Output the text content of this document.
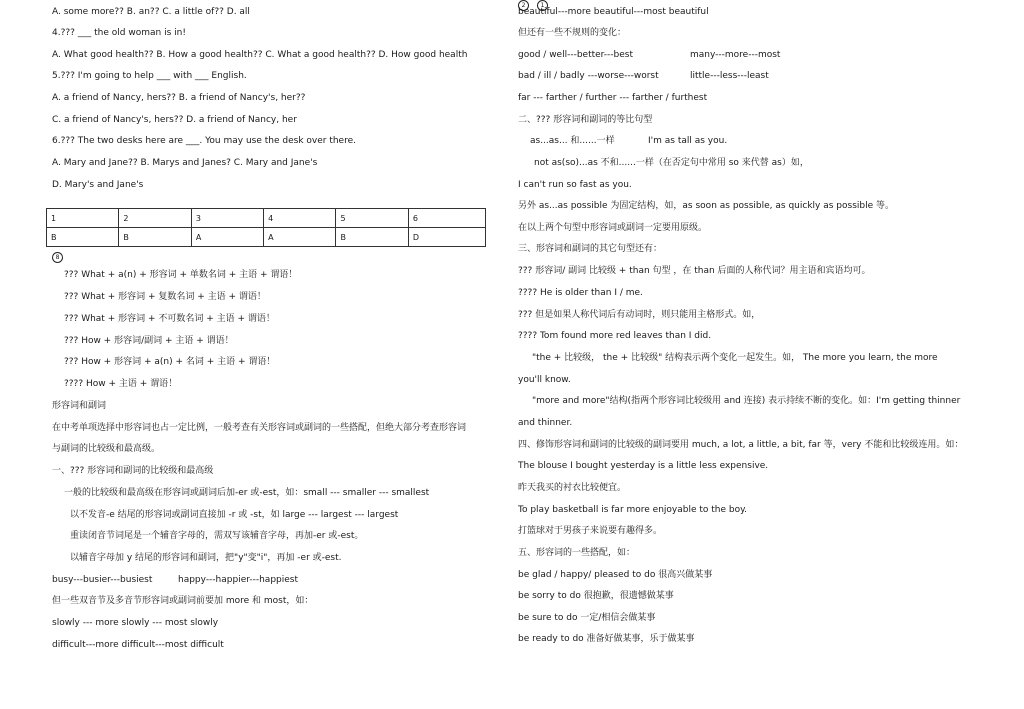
A. some more?? B. an?? C. a little of?? D. all
4.??? ___ the old woman is in!
A. What good health?? B. How a good health?? C. What a good health?? D. How good health
5.??? I'm going to help ___ with ___ English.
A. a friend of Nancy, hers?? B. a friend of Nancy's, her??
C. a friend of Nancy's, hers?? D. a friend of Nancy, her
6.??? The two desks here are ___. You may use the desk over there.
A. Mary and Jane?? B. Marys and Janes? C. Mary and Jane's
D. Mary's and Jane's
1	2	3	4	5	6
B	B	A	A	B	D
8
??? What + a(n) + 形容词 + 单数名词 + 主语 + 谓语！
??? What + 形容词 + 复数名词 + 主语 + 谓语！
??? What + 形容词 + 不可数名词 + 主语 + 谓语！
??? How + 形容词/副词 + 主语 + 谓语！
??? How + 形容词 + a(n) + 名词 + 主语 + 谓语！
???? How + 主语 + 谓语！
形容词和副词
在中考单项选择中形容词也占一定比例，一般考查有关形容词或副词的一些搭配，但绝大部分考查形容词
与副词的比较级和最高级。
一、??? 形容词和副词的比较级和最高级
一般的比较级和最高级在形容词或副词后加-er 或-est，如：small --- smaller --- smallest
以不发音-e 结尾的形容词或副词直接加 -r 或 -st，如 large --- largest --- largest
重读闭音节词尾是一个辅音字母的，需双写该辅音字母，再加-er 或-est。
以辅音字母加 y 结尾的形容词和副词，把"y"变"i"，再加 -er 或-est.
busy---busier---busiest	happy---happier---happiest
但一些双音节及多音节形容词或副词前要加 more 和 most，如：
slowly --- more slowly --- most slowly
difficult---more difficult---most difficult
2	1
beautiful---more beautiful---most beautiful
但还有一些不规则的变化：
good / well---better---best	many---more---most
bad / ill / badly ---worse---worst	little---less---least
far --- farther / further --- farther / furthest
二、??? 形容词和副词的等比句型
as...as... 和......一样	I'm as tall as you.
not as(so)...as 不和......一样（在否定句中常用 so 来代替 as）如，
I can't run so fast as you.
另外 as...as possible 为固定结构，如，as soon as possible, as quickly as possible 等。
在以上两个句型中形容词或副词一定要用原级。
三、形容词和副词的其它句型还有：
??? 形容词/ 副词 比较级 + than 句型 ，在 than 后面的人称代词？用主语和宾语均可。
???? He is older than I / me.
??? 但是如果人称代词后有动词时，则只能用主格形式。如，
???? Tom found more red leaves than I did.
"the + 比较级， the + 比较级" 结构表示两个变化一起发生。如， The more you learn, the more
you'll know.
"more and more"结构(指两个形容词比较级用 and 连接) 表示持续不断的变化。如：I'm getting thinner
and thinner.
四、修饰形容词和副词的比较级的副词要用 much, a lot, a little, a bit, far 等，very 不能和比较级连用。如：
The blouse I bought yesterday is a little less expensive.
昨天我买的衬衣比较便宜。
To play basketball is far more enjoyable to the boy.
打篮球对于男孩子来说要有趣得多。
五、形容词的一些搭配，如：
be glad / happy/ pleased to do 很高兴做某事
be sorry to do 很抱歉，很遗憾做某事
be sure to do 一定/相信会做某事
be ready to do 准备好做某事，乐于做某事
